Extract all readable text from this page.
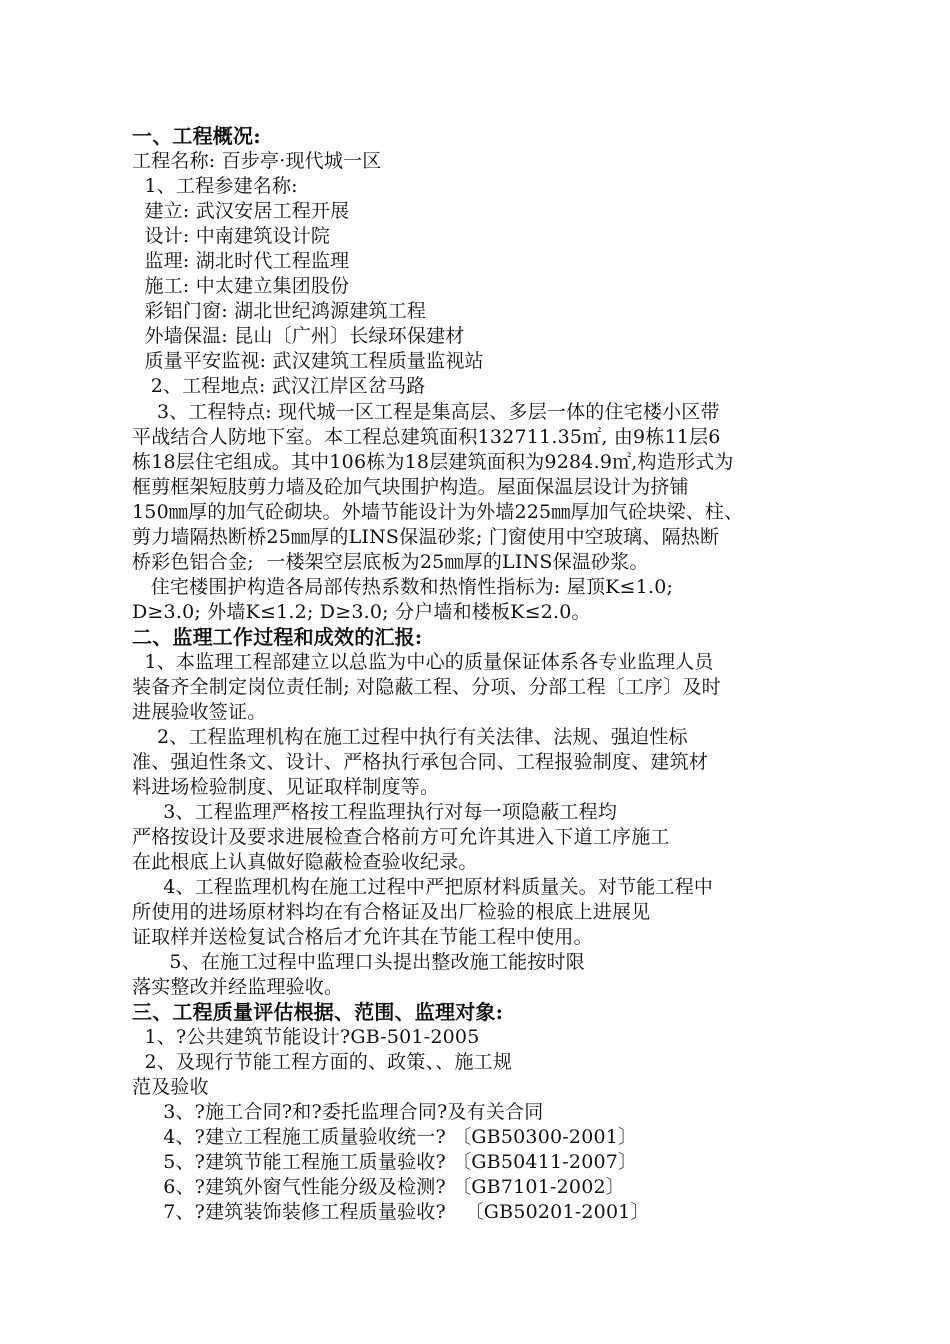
一、工程概况:
工程名称: 百步亭·现代城一区
1、工程参建名称:
建立: 武汉安居工程开展
设计: 中南建筑设计院
监理: 湖北时代工程监理
施工: 中太建立集团股份
彩铝门窗: 湖北世纪鸿源建筑工程
外墙保温: 昆山〔广州〕长绿环保建材
质量平安监视: 武汉建筑工程质量监视站
2、工程地点: 武汉江岸区岔马路
3、工程特点: 现代城一区工程是集高层、多层一体的住宅楼小区带
平战结合人防地下室。本工程总建筑面积132711.35㎡, 由9栋11层6
栋18层住宅组成。其中106栋为18层建筑面积为9284.9㎡,构造形式为
框剪框架短肢剪力墙及砼加气块围护构造。屋面保温层设计为挤铺
150㎜厚的加气砼砌块。外墙节能设计为外墙225㎜厚加气砼块梁、柱、
剪力墙隔热断桥25㎜厚的LINS保温砂浆; 门窗使用中空玻璃、隔热断
桥彩色铝合金;  一楼架空层底板为25㎜厚的LINS保温砂浆。
住宅楼围护构造各局部传热系数和热惰性指标为: 屋顶K≤1.0;
D≥3.0; 外墙K≤1.2; D≥3.0; 分户墙和楼板K≤2.0。
二、监理工作过程和成效的汇报:
1、本监理工程部建立以总监为中心的质量保证体系各专业监理人员
装备齐全制定岗位责任制; 对隐蔽工程、分项、分部工程〔工序〕及时
进展验收签证。
2、工程监理机构在施工过程中执行有关法律、法规、强迫性标
准、强迫性条文、设计、严格执行承包合同、工程报验制度、建筑材
料进场检验制度、见证取样制度等。
3、工程监理严格按工程监理执行对每一项隐蔽工程均
严格按设计及要求进展检查合格前方可允许其进入下道工序施工
在此根底上认真做好隐蔽检查验收纪录。
4、工程监理机构在施工过程中严把原材料质量关。对节能工程中
所使用的进场原材料均在有合格证及出厂检验的根底上进展见
证取样并送检复试合格后才允许其在节能工程中使用。
5、在施工过程中监理口头提出整改施工能按时限
落实整改并经监理验收。
三、工程质量评估根据、范围、监理对象:
1、?公共建筑节能设计?GB-501-2005
2、及现行节能工程方面的、政策、、施工规
范及验收
3、?施工合同?和?委托监理合同?及有关合同
4、?建立工程施工质量验收统一? 〔GB50300-2001〕
5、?建筑节能工程施工质量验收? 〔GB50411-2007〕
6、?建筑外窗气性能分级及检测? 〔GB7101-2002〕
7、?建筑装饰装修工程质量验收?   〔GB50201-2001〕
